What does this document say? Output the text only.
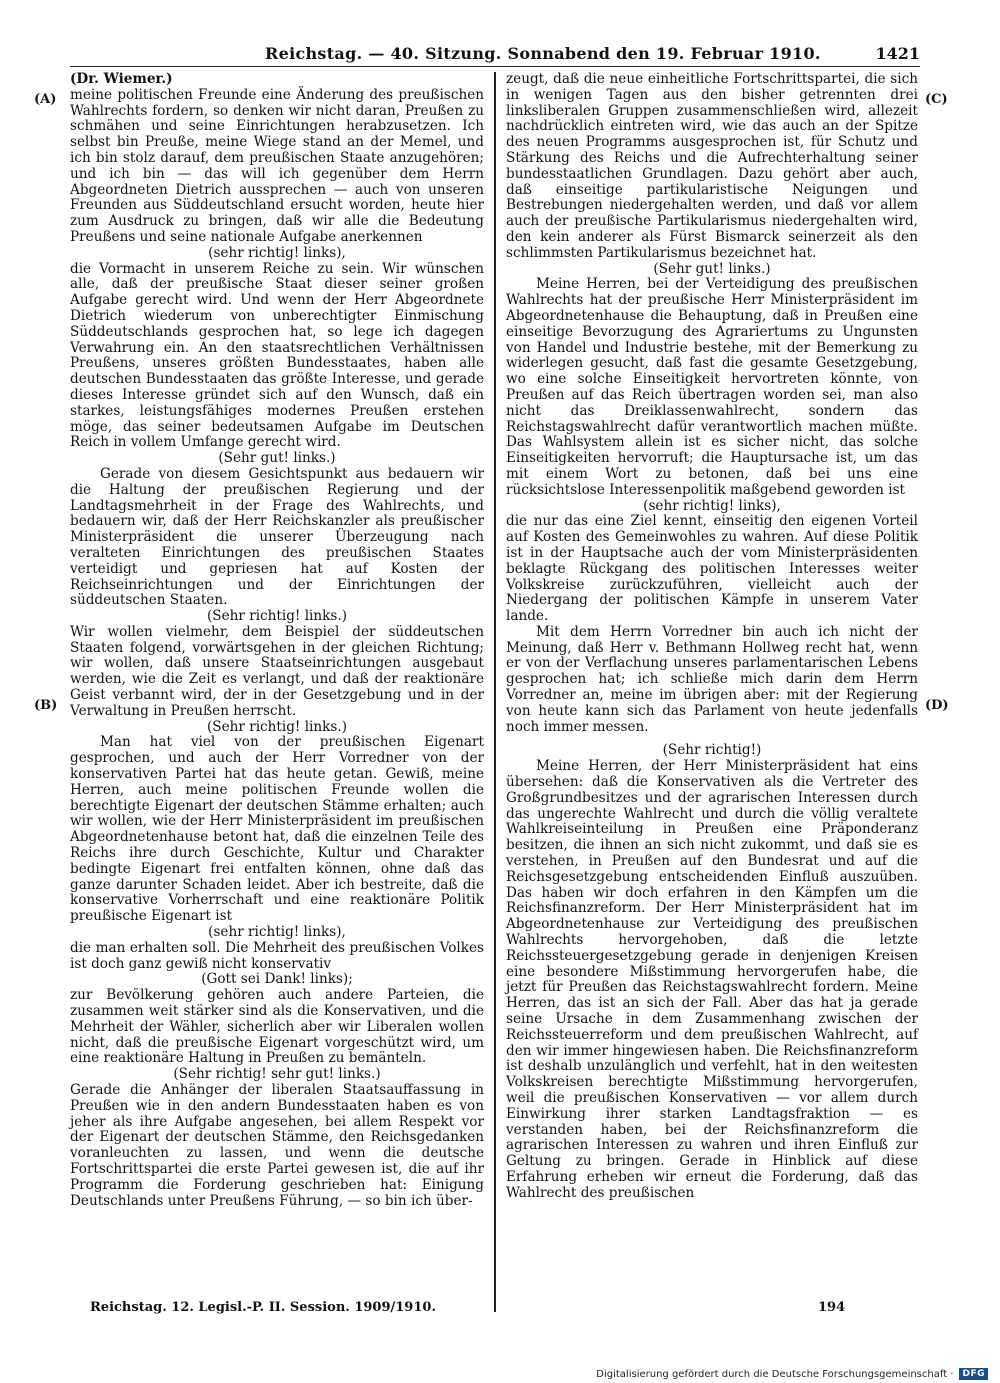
Reichstag. — 40. Sitzung. Sonnabend den 19. Februar 1910.	1421
(A)
(B)
(C)
(D)

(Dr. Wiemer.)

meine politischen Freunde eine Änderung des preußischen Wahlrechts fordern, so denken wir nicht daran, Preußen zu schmähen und seine Einrichtungen herabzusetzen. Ich selbst bin Preuße, meine Wiege stand an der Memel, und ich bin stolz darauf, dem preußischen Staate anzugehören; und ich bin — das will ich gegenüber dem Herrn Abgeordneten Dietrich aussprechen — auch von unseren Freunden aus Süddeutschland ersucht worden, heute hier zum Ausdruck zu bringen, daß wir alle die Bedeutung Preußens und seine nationale Aufgabe anerkennen

(sehr richtig! links),

die Vormacht in unserem Reiche zu sein. Wir wünschen alle, daß der preußische Staat dieser seiner großen Aufgabe gerecht wird. Und wenn der Herr Abgeordnete Dietrich wiederum von unberechtigter Einmischung Süddeutschlands gesprochen hat, so lege ich dagegen Verwahrung ein. An den staatsrechtlichen Verhältnissen Preußens, unseres größten Bundesstaates, haben alle deutschen Bundesstaaten das größte Interesse, und gerade dieses Interesse gründet sich auf den Wunsch, daß ein starkes, leistungsfähiges modernes Preußen erstehen möge, das seiner bedeutsamen Aufgabe im Deutschen Reich in vollem Umfange gerecht wird.

(Sehr gut! links.)

Gerade von diesem Gesichtspunkt aus bedauern wir die Haltung der preußischen Regierung und der Landtagsmehrheit in der Frage des Wahlrechts, und bedauern wir, daß der Herr Reichskanzler als preußischer Ministerpräsident die unserer Überzeugung nach veralteten Einrichtungen des preußischen Staates verteidigt und gepriesen hat auf Kosten der Reichseinrichtungen und der Einrichtungen der süddeutschen Staaten.

(Sehr richtig! links.)

Wir wollen vielmehr, dem Beispiel der süddeutschen Staaten folgend, vorwärtsgehen in der gleichen Richtung; wir wollen, daß unsere Staatseinrichtungen ausgebaut werden, wie die Zeit es verlangt, und daß der reaktionäre Geist verbannt wird, der in der Gesetzgebung und in der Verwaltung in Preußen herrscht.

(Sehr richtig! links.)

Man hat viel von der preußischen Eigenart gesprochen, und auch der Herr Vorredner von der konservativen Partei hat das heute getan. Gewiß, meine Herren, auch meine politischen Freunde wollen die berechtigte Eigenart der deutschen Stämme erhalten; auch wir wollen, wie der Herr Ministerpräsident im preußischen Abgeordnetenhause betont hat, daß die einzelnen Teile des Reichs ihre durch Geschichte, Kultur und Charakter bedingte Eigenart frei entfalten können, ohne daß das ganze darunter Schaden leidet. Aber ich bestreite, daß die konservative Vorherrschaft und eine reaktionäre Politik preußische Eigenart ist

(sehr richtig! links),

die man erhalten soll. Die Mehrheit des preußischen Volkes ist doch ganz gewiß nicht konservativ

(Gott sei Dank! links);

zur Bevölkerung gehören auch andere Parteien, die zusammen weit stärker sind als die Konservativen, und die Mehrheit der Wähler, sicherlich aber wir Liberalen wollen nicht, daß die preußische Eigenart vorgeschützt wird, um eine reaktionäre Haltung in Preußen zu bemänteln.

(Sehr richtig! sehr gut! links.)

Gerade die Anhänger der liberalen Staatsauffassung in Preußen wie in den andern Bundesstaaten haben es von jeher als ihre Aufgabe angesehen, bei allem Respekt vor der Eigenart der deutschen Stämme, den Reichsgedanken voranleuchten zu lassen, und wenn die deutsche Fortschrittspartei die erste Partei gewesen ist, die auf ihr Programm die Forderung geschrieben hat: Einigung Deutschlands unter Preußens Führung, — so bin ich über-

zeugt, daß die neue einheitliche Fortschrittspartei, die sich in wenigen Tagen aus den bisher getrennten drei linksliberalen Gruppen zusammenschließen wird, allezeit nachdrücklich eintreten wird, wie das auch an der Spitze des neuen Programms ausgesprochen ist, für Schutz und Stärkung des Reichs und die Aufrechterhaltung seiner bundesstaatlichen Grundlagen. Dazu gehört aber auch, daß einseitige partikularistische Neigungen und Bestrebungen niedergehalten werden, und daß vor allem auch der preußische Partikularismus niedergehalten wird, den kein anderer als Fürst Bismarck seinerzeit als den schlimmsten Partikularismus bezeichnet hat.

(Sehr gut! links.)

Meine Herren, bei der Verteidigung des preußischen Wahlrechts hat der preußische Herr Ministerpräsident im Abgeordnetenhause die Behauptung, daß in Preußen eine einseitige Bevorzugung des Agrariertums zu Ungunsten von Handel und Industrie bestehe, mit der Bemerkung zu widerlegen gesucht, daß fast die gesamte Gesetzgebung, wo eine solche Einseitigkeit hervortreten könnte, von Preußen auf das Reich übertragen worden sei, man also nicht das Dreiklassenwahlrecht, sondern das Reichstagswahlrecht dafür verantwortlich machen müßte. Das Wahlsystem allein ist es sicher nicht, das solche Einseitigkeiten hervorruft; die Hauptursache ist, um das mit einem Wort zu betonen, daß bei uns eine rücksichtslose Interessenpolitik maßgebend geworden ist

(sehr richtig! links),

die nur das eine Ziel kennt, einseitig den eigenen Vorteil auf Kosten des Gemeinwohles zu wahren. Auf diese Politik ist in der Hauptsache auch der vom Ministerpräsidenten beklagte Rückgang des politischen Interesses weiter Volkskreise zurückzuführen, vielleicht auch der Niedergang der politischen Kämpfe in unserem Vater lande.

Mit dem Herrn Vorredner bin auch ich nicht der Meinung, daß Herr v. Bethmann Hollweg recht hat, wenn er von der Verflachung unseres parlamentarischen Lebens gesprochen hat; ich schließe mich darin dem Herrn Vorredner an, meine im übrigen aber: mit der Regierung von heute kann sich das Parlament von heute jedenfalls noch immer messen.

(Sehr richtig!)

Meine Herren, der Herr Ministerpräsident hat eins übersehen: daß die Konservativen als die Vertreter des Großgrundbesitzes und der agrarischen Interessen durch das ungerechte Wahlrecht und durch die völlig veraltete Wahlkreiseinteilung in Preußen eine Präponderanz besitzen, die ihnen an sich nicht zukommt, und daß sie es verstehen, in Preußen auf den Bundesrat und auf die Reichsgesetzgebung entscheidenden Einfluß auszuüben. Das haben wir doch erfahren in den Kämpfen um die Reichsfinanzreform. Der Herr Ministerpräsident hat im Abgeordnetenhause zur Verteidigung des preußischen Wahlrechts hervorgehoben, daß die letzte Reichssteuergesetzgebung gerade in denjenigen Kreisen eine besondere Mißstimmung hervorgerufen habe, die jetzt für Preußen das Reichstagswahlrecht fordern. Meine Herren, das ist an sich der Fall. Aber das hat ja gerade seine Ursache in dem Zusammenhang zwischen der Reichssteuerreform und dem preußischen Wahlrecht, auf den wir immer hingewiesen haben. Die Reichsfinanzreform ist deshalb unzulänglich und verfehlt, hat in den weitesten Volkskreisen berechtigte Mißstimmung hervorgerufen, weil die preußischen Konservativen — vor allem durch Einwirkung ihrer starken Landtagsfraktion — es verstanden haben, bei der Reichsfinanzreform die agrarischen Interessen zu wahren und ihren Einfluß zur Geltung zu bringen. Gerade in Hinblick auf diese Erfahrung erheben wir erneut die Forderung, daß das Wahlrecht des preußischen

Reichstag. 12. Legisl.-P. II. Session. 1909/1910.	194
Digitalisierung gefördert durch die Deutsche Forschungsgemeinschaft ·	DFG
